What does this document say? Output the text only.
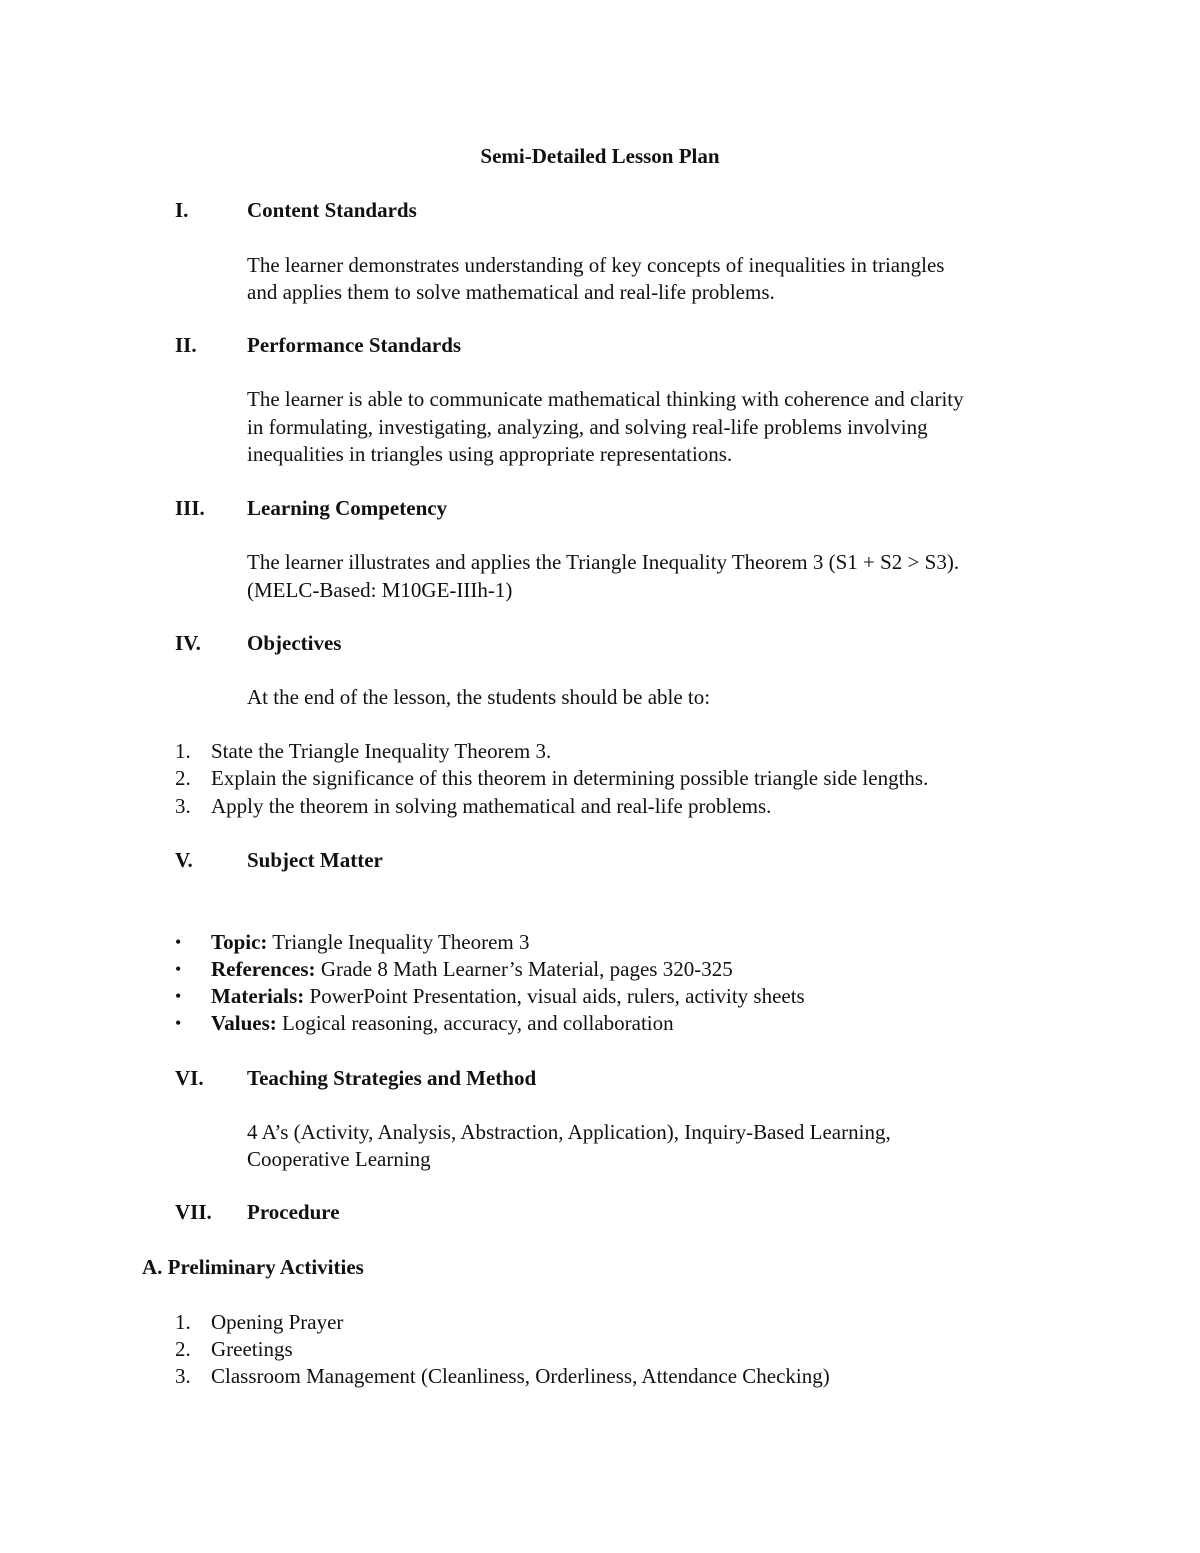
Semi-Detailed Lesson Plan
I.	Content Standards
The learner demonstrates understanding of key concepts of inequalities in triangles
and applies them to solve mathematical and real-life problems.
II. Performance Standards
The learner is able to communicate mathematical thinking with coherence and clarity
in formulating, investigating, analyzing, and solving real-life problems involving
inequalities in triangles using appropriate representations.
III. Learning Competency
The learner illustrates and applies the Triangle Inequality Theorem 3 (S1 + S2 > S3).
(MELC-Based: M10GE-IIIh-1)
IV. Objectives
At the end of the lesson, the students should be able to:
1. State the Triangle Inequality Theorem 3.
2. Explain the significance of this theorem in determining possible triangle side lengths.
3. Apply the theorem in solving mathematical and real-life problems.
V.	Subject Matter
• Topic: Triangle Inequality Theorem 3
• References: Grade 8 Math Learner’s Material, pages 320-325
• Materials: PowerPoint Presentation, visual aids, rulers, activity sheets
• Values: Logical reasoning, accuracy, and collaboration
VI. Teaching Strategies and Method
4 A’s (Activity, Analysis, Abstraction, Application), Inquiry-Based Learning,
Cooperative Learning
VII. Procedure
A. Preliminary Activities
1. Opening Prayer
2. Greetings
3. Classroom Management (Cleanliness, Orderliness, Attendance Checking)
